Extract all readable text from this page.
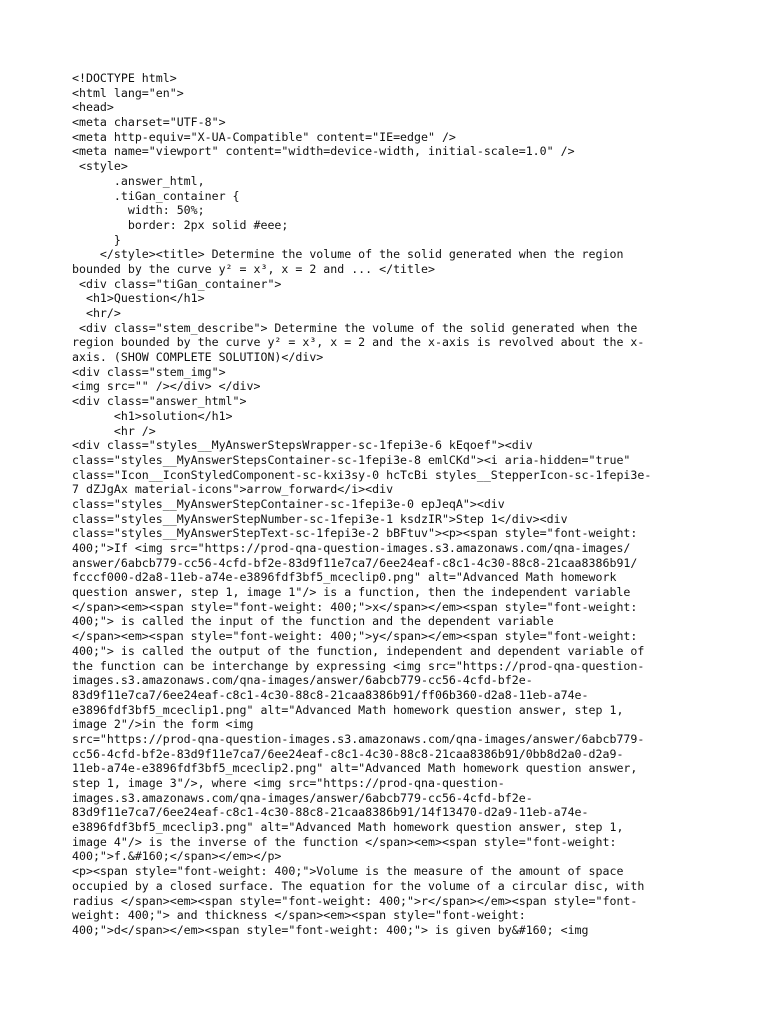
<!DOCTYPE html>
<html lang="en">
<head>
<meta charset="UTF-8">
<meta http-equiv="X-UA-Compatible" content="IE=edge" />
<meta name="viewport" content="width=device-width, initial-scale=1.0" />
<style>
.answer_html,
.tiGan_container {
width: 50%;
border: 2px solid #eee;
}
</style><title> Determine the volume of the solid generated when the region
bounded by the curve y² = x³, x = 2 and ... </title>
<div class="tiGan_container">
<h1>Question</h1>
<hr/>
<div class="stem_describe"> Determine the volume of the solid generated when the
region bounded by the curve y² = x³, x = 2 and the x-axis is revolved about the x-
axis. (SHOW COMPLETE SOLUTION)</div>
<div class="stem_img">
<img src="" /></div> </div>
<div class="answer_html">
<h1>solution</h1>
<hr />
<div class="styles__MyAnswerStepsWrapper-sc-1fepi3e-6 kEqoef"><div
class="styles__MyAnswerStepsContainer-sc-1fepi3e-8 emlCKd"><i aria-hidden="true"
class="Icon__IconStyledComponent-sc-kxi3sy-0 hcTcBi styles__StepperIcon-sc-1fepi3e-
7 dZJgAx material-icons">arrow_forward</i><div
class="styles__MyAnswerStepContainer-sc-1fepi3e-0 epJeqA"><div
class="styles__MyAnswerStepNumber-sc-1fepi3e-1 ksdzIR">Step 1</div><div
class="styles__MyAnswerStepText-sc-1fepi3e-2 bBFtuv"><p><span style="font-weight:
400;">If <img src="https://prod-qna-question-images.s3.amazonaws.com/qna-images/
answer/6abcb779-cc56-4cfd-bf2e-83d9f11e7ca7/6ee24eaf-c8c1-4c30-88c8-21caa8386b91/
fcccf000-d2a8-11eb-a74e-e3896fdf3bf5_mceclip0.png" alt="Advanced Math homework
question answer, step 1, image 1"/> is a function, then the independent variable
</span><em><span style="font-weight: 400;">x</span></em><span style="font-weight:
400;"> is called the input of the function and the dependent variable
</span><em><span style="font-weight: 400;">y</span></em><span style="font-weight:
400;"> is called the output of the function, independent and dependent variable of
the function can be interchange by expressing <img src="https://prod-qna-question-
images.s3.amazonaws.com/qna-images/answer/6abcb779-cc56-4cfd-bf2e-
83d9f11e7ca7/6ee24eaf-c8c1-4c30-88c8-21caa8386b91/ff06b360-d2a8-11eb-a74e-
e3896fdf3bf5_mceclip1.png" alt="Advanced Math homework question answer, step 1,
image 2"/>in the form <img
src="https://prod-qna-question-images.s3.amazonaws.com/qna-images/answer/6abcb779-
cc56-4cfd-bf2e-83d9f11e7ca7/6ee24eaf-c8c1-4c30-88c8-21caa8386b91/0bb8d2a0-d2a9-
11eb-a74e-e3896fdf3bf5_mceclip2.png" alt="Advanced Math homework question answer,
step 1, image 3"/>, where <img src="https://prod-qna-question-
images.s3.amazonaws.com/qna-images/answer/6abcb779-cc56-4cfd-bf2e-
83d9f11e7ca7/6ee24eaf-c8c1-4c30-88c8-21caa8386b91/14f13470-d2a9-11eb-a74e-
e3896fdf3bf5_mceclip3.png" alt="Advanced Math homework question answer, step 1,
image 4"/> is the inverse of the function </span><em><span style="font-weight:
400;">f.&#160;</span></em></p>
<p><span style="font-weight: 400;">Volume is the measure of the amount of space
occupied by a closed surface. The equation for the volume of a circular disc, with
radius </span><em><span style="font-weight: 400;">r</span></em><span style="font-
weight: 400;"> and thickness </span><em><span style="font-weight:
400;">d</span></em><span style="font-weight: 400;"> is given by&#160; <img
